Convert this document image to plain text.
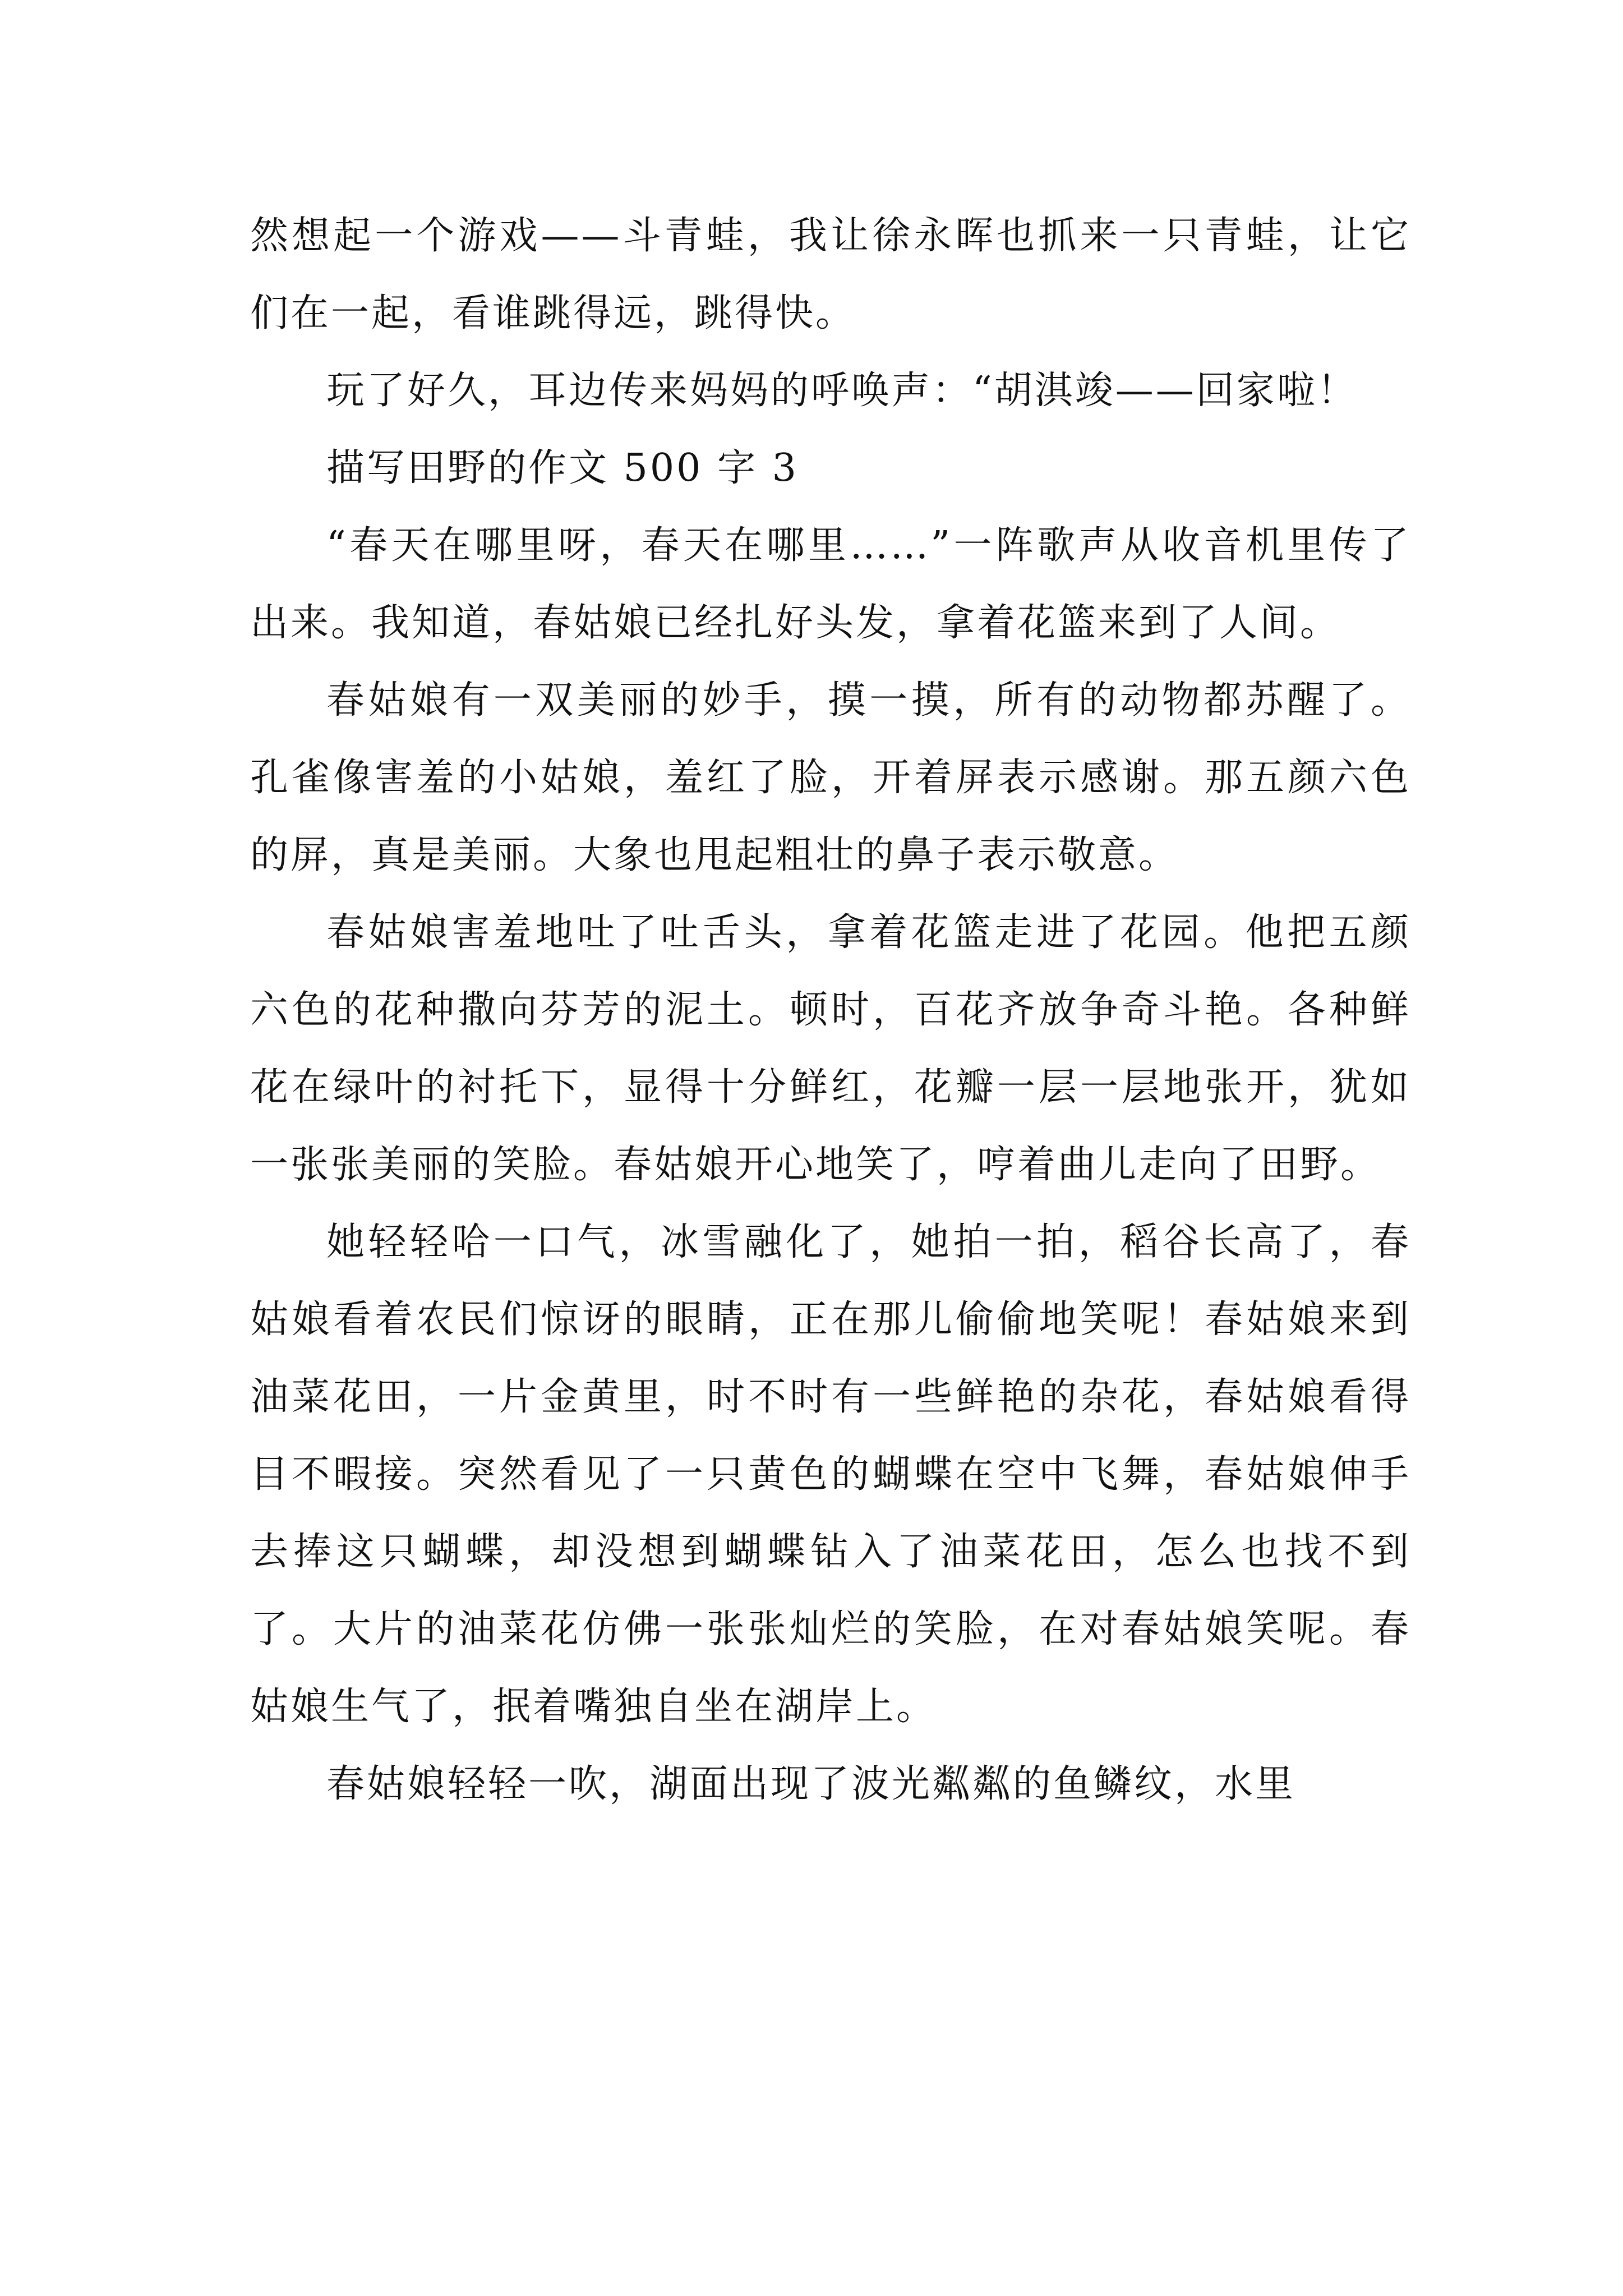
然想起一个游戏——斗青蛙，我让徐永晖也抓来一只青蛙，让它们在一起，看谁跳得远，跳得快。

玩了好久，耳边传来妈妈的呼唤声：“胡淇竣——回家啦！

描写田野的作文 500 字 3

“春天在哪里呀，春天在哪里……”一阵歌声从收音机里传了出来。我知道，春姑娘已经扎好头发，拿着花篮来到了人间。

春姑娘有一双美丽的妙手，摸一摸，所有的动物都苏醒了。孔雀像害羞的小姑娘，羞红了脸，开着屏表示感谢。那五颜六色的屏，真是美丽。大象也甩起粗壮的鼻子表示敬意。

春姑娘害羞地吐了吐舌头，拿着花篮走进了花园。他把五颜六色的花种撒向芬芳的泥土。顿时，百花齐放争奇斗艳。各种鲜花在绿叶的衬托下，显得十分鲜红，花瓣一层一层地张开，犹如一张张美丽的笑脸。春姑娘开心地笑了，哼着曲儿走向了田野。

她轻轻哈一口气，冰雪融化了，她拍一拍，稻谷长高了，春姑娘看着农民们惊讶的眼睛，正在那儿偷偷地笑呢！春姑娘来到油菜花田，一片金黄里，时不时有一些鲜艳的杂花，春姑娘看得目不暇接。突然看见了一只黄色的蝴蝶在空中飞舞，春姑娘伸手去捧这只蝴蝶，却没想到蝴蝶钻入了油菜花田，怎么也找不到了。大片的油菜花仿佛一张张灿烂的笑脸，在对春姑娘笑呢。春姑娘生气了，抿着嘴独自坐在湖岸上。

春姑娘轻轻一吹，湖面出现了波光粼粼的鱼鳞纹，水里
